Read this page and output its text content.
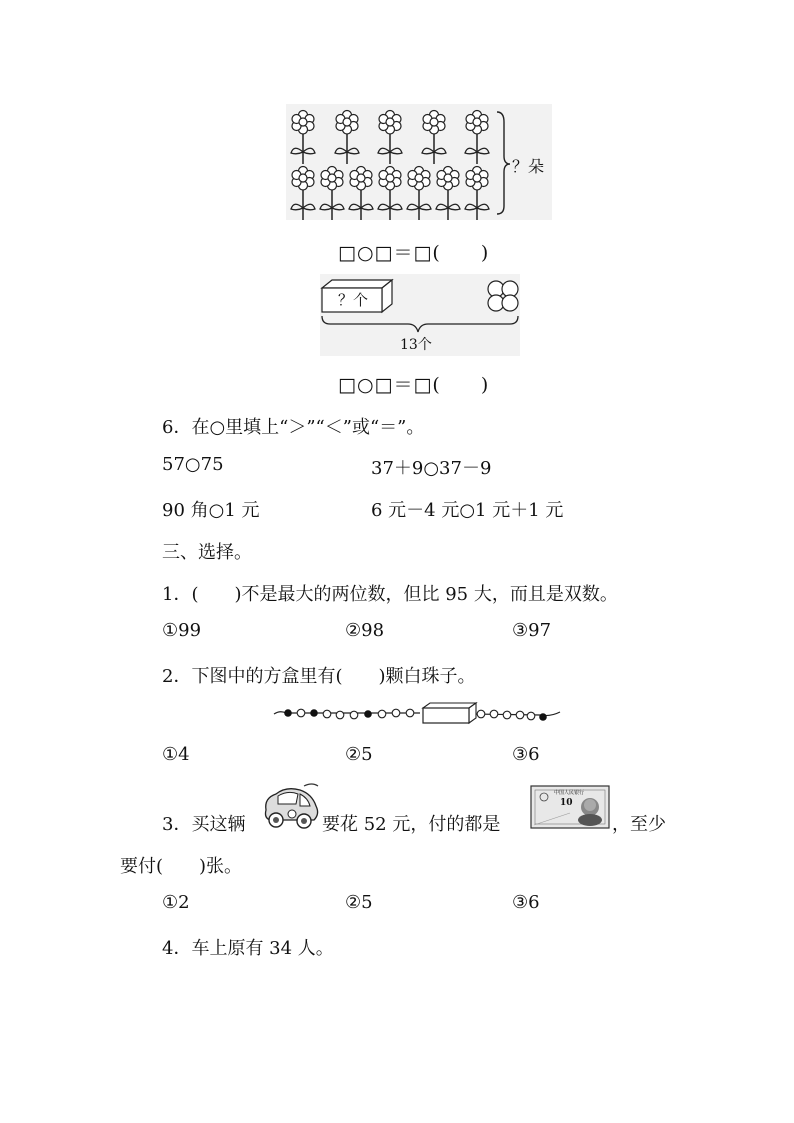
？朵
□○□＝□(　　)
？个
13个
□○□＝□(　　)
6．在○里填上“＞”“＜”或“＝”。
57○75	37＋9○37－9
90 角○1 元	6 元－4 元○1 元＋1 元
三、选择。
1．(　　)不是最大的两位数，但比 95 大，而且是双数。
①99	②98	③97
2．下图中的方盒里有(　　)颗白珠子。
①4	②5	③6
3．买这辆	要花 52 元，付的都是
中国人民银行
10
，至少
要付(　　)张。
①2	②5	③6
4．车上原有 34 人。
